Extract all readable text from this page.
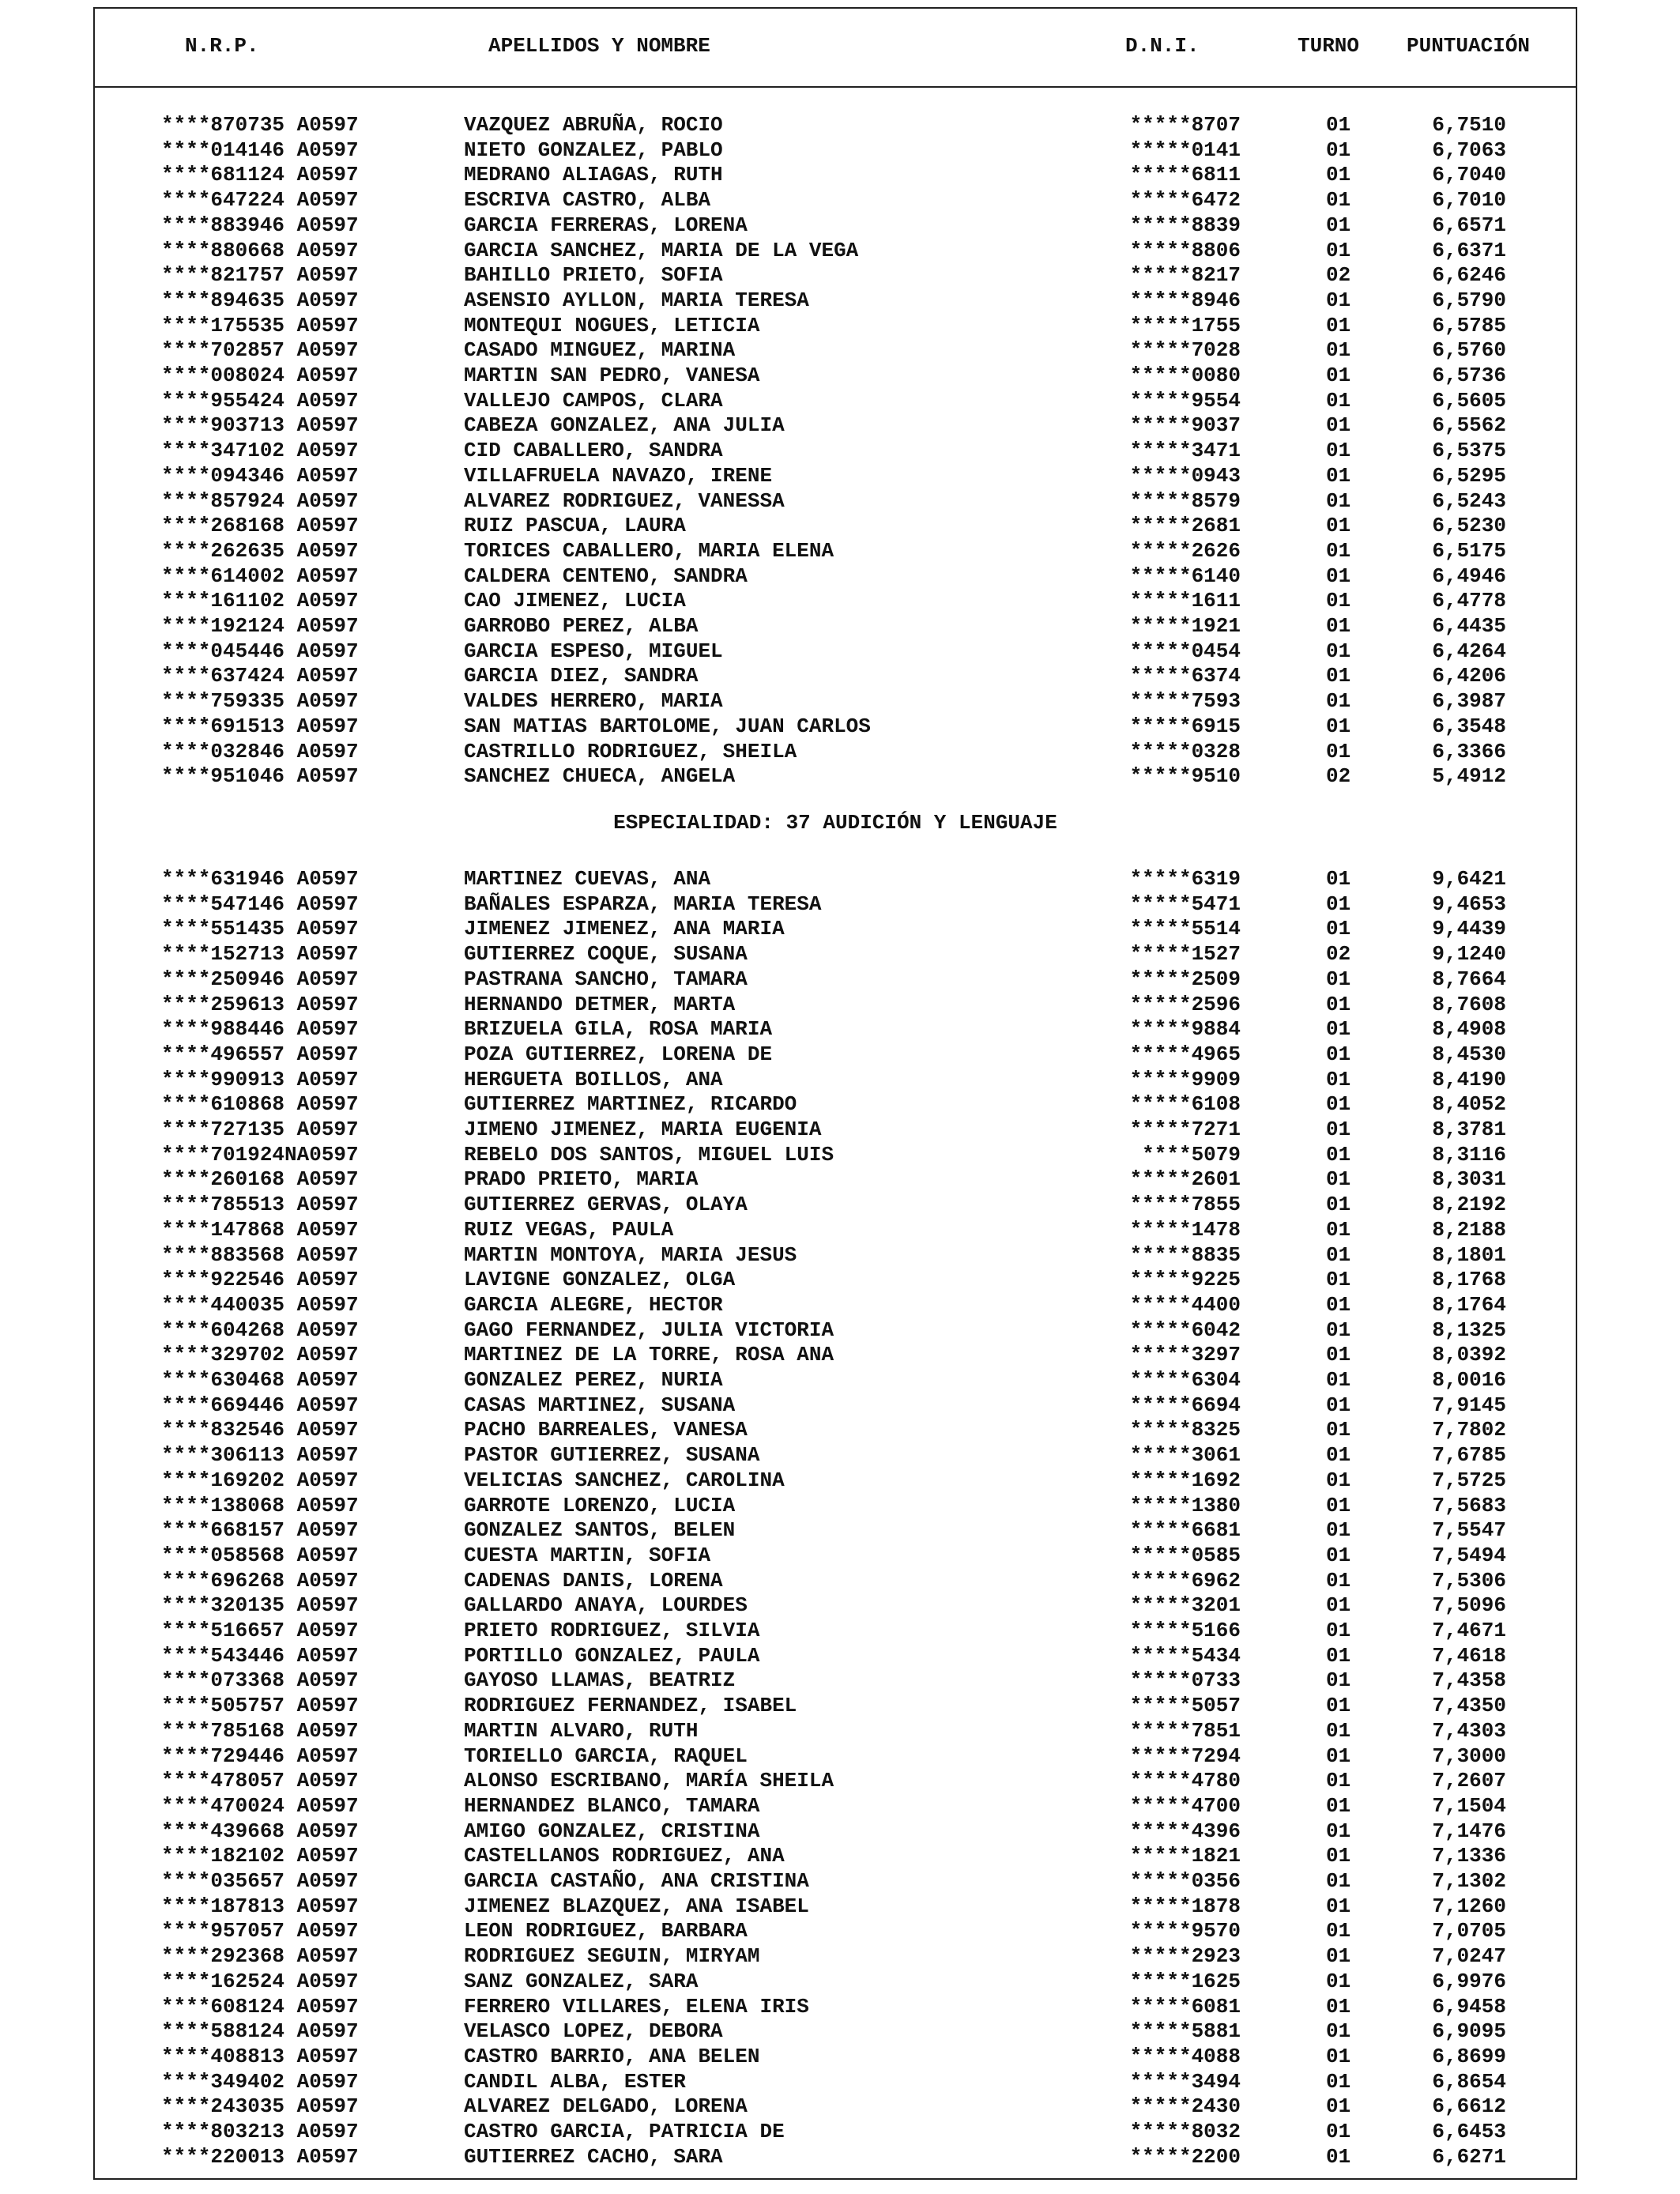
N.R.P.	APELLIDOS Y NOMBRE	D.N.I.	TURNO PUNTUACIÓN
****870735 A0597	VAZQUEZ ABRUÑA, ROCIO	*****8707	01	6,7510
****014146 A0597	NIETO GONZALEZ, PABLO	*****0141	01	6,7063
****681124 A0597	MEDRANO ALIAGAS, RUTH	*****6811	01	6,7040
****647224 A0597	ESCRIVA CASTRO, ALBA	*****6472	01	6,7010
****883946 A0597	GARCIA FERRERAS, LORENA	*****8839	01	6,6571
****880668 A0597	GARCIA SANCHEZ, MARIA DE LA VEGA	*****8806	01	6,6371
****821757 A0597	BAHILLO PRIETO, SOFIA	*****8217	02	6,6246
****894635 A0597	ASENSIO AYLLON, MARIA TERESA	*****8946	01	6,5790
****175535 A0597	MONTEQUI NOGUES, LETICIA	*****1755	01	6,5785
****702857 A0597	CASADO MINGUEZ, MARINA	*****7028	01	6,5760
****008024 A0597	MARTIN SAN PEDRO, VANESA	*****0080	01	6,5736
****955424 A0597	VALLEJO CAMPOS, CLARA	*****9554	01	6,5605
****903713 A0597	CABEZA GONZALEZ, ANA JULIA	*****9037	01	6,5562
****347102 A0597	CID CABALLERO, SANDRA	*****3471	01	6,5375
****094346 A0597	VILLAFRUELA NAVAZO, IRENE	*****0943	01	6,5295
****857924 A0597	ALVAREZ RODRIGUEZ, VANESSA	*****8579	01	6,5243
****268168 A0597	RUIZ PASCUA, LAURA	*****2681	01	6,5230
****262635 A0597	TORICES CABALLERO, MARIA ELENA	*****2626	01	6,5175
****614002 A0597	CALDERA CENTENO, SANDRA	*****6140	01	6,4946
****161102 A0597	CAO JIMENEZ, LUCIA	*****1611	01	6,4778
****192124 A0597	GARROBO PEREZ, ALBA	*****1921	01	6,4435
****045446 A0597	GARCIA ESPESO, MIGUEL	*****0454	01	6,4264
****637424 A0597	GARCIA DIEZ, SANDRA	*****6374	01	6,4206
****759335 A0597	VALDES HERRERO, MARIA	*****7593	01	6,3987
****691513 A0597	SAN MATIAS BARTOLOME, JUAN CARLOS	*****6915	01	6,3548
****032846 A0597	CASTRILLO RODRIGUEZ, SHEILA	*****0328	01	6,3366
****951046 A0597	SANCHEZ CHUECA, ANGELA	*****9510	02	5,4912
ESPECIALIDAD: 37 AUDICIÓN Y LENGUAJE
****631946 A0597	MARTINEZ CUEVAS, ANA	*****6319	01	9,6421
****547146 A0597	BAÑALES ESPARZA, MARIA TERESA	*****5471	01	9,4653
****551435 A0597	JIMENEZ JIMENEZ, ANA MARIA	*****5514	01	9,4439
****152713 A0597	GUTIERREZ COQUE, SUSANA	*****1527	02	9,1240
****250946 A0597	PASTRANA SANCHO, TAMARA	*****2509	01	8,7664
****259613 A0597	HERNANDO DETMER, MARTA	*****2596	01	8,7608
****988446 A0597	BRIZUELA GILA, ROSA MARIA	*****9884	01	8,4908
****496557 A0597	POZA GUTIERREZ, LORENA DE	*****4965	01	8,4530
****990913 A0597	HERGUETA BOILLOS, ANA	*****9909	01	8,4190
****610868 A0597	GUTIERREZ MARTINEZ, RICARDO	*****6108	01	8,4052
****727135 A0597	JIMENO JIMENEZ, MARIA EUGENIA	*****7271	01	8,3781
****701924NA0597	REBELO DOS SANTOS, MIGUEL LUIS	****5079	01	8,3116
****260168 A0597	PRADO PRIETO, MARIA	*****2601	01	8,3031
****785513 A0597	GUTIERREZ GERVAS, OLAYA	*****7855	01	8,2192
****147868 A0597	RUIZ VEGAS, PAULA	*****1478	01	8,2188
****883568 A0597	MARTIN MONTOYA, MARIA JESUS	*****8835	01	8,1801
****922546 A0597	LAVIGNE GONZALEZ, OLGA	*****9225	01	8,1768
****440035 A0597	GARCIA ALEGRE, HECTOR	*****4400	01	8,1764
****604268 A0597	GAGO FERNANDEZ, JULIA VICTORIA	*****6042	01	8,1325
****329702 A0597	MARTINEZ DE LA TORRE, ROSA ANA	*****3297	01	8,0392
****630468 A0597	GONZALEZ PEREZ, NURIA	*****6304	01	8,0016
****669446 A0597	CASAS MARTINEZ, SUSANA	*****6694	01	7,9145
****832546 A0597	PACHO BARREALES, VANESA	*****8325	01	7,7802
****306113 A0597	PASTOR GUTIERREZ, SUSANA	*****3061	01	7,6785
****169202 A0597	VELICIAS SANCHEZ, CAROLINA	*****1692	01	7,5725
****138068 A0597	GARROTE LORENZO, LUCIA	*****1380	01	7,5683
****668157 A0597	GONZALEZ SANTOS, BELEN	*****6681	01	7,5547
****058568 A0597	CUESTA MARTIN, SOFIA	*****0585	01	7,5494
****696268 A0597	CADENAS DANIS, LORENA	*****6962	01	7,5306
****320135 A0597	GALLARDO ANAYA, LOURDES	*****3201	01	7,5096
****516657 A0597	PRIETO RODRIGUEZ, SILVIA	*****5166	01	7,4671
****543446 A0597	PORTILLO GONZALEZ, PAULA	*****5434	01	7,4618
****073368 A0597	GAYOSO LLAMAS, BEATRIZ	*****0733	01	7,4358
****505757 A0597	RODRIGUEZ FERNANDEZ, ISABEL	*****5057	01	7,4350
****785168 A0597	MARTIN ALVARO, RUTH	*****7851	01	7,4303
****729446 A0597	TORIELLO GARCIA, RAQUEL	*****7294	01	7,3000
****478057 A0597	ALONSO ESCRIBANO, MARÍA SHEILA	*****4780	01	7,2607
****470024 A0597	HERNANDEZ BLANCO, TAMARA	*****4700	01	7,1504
****439668 A0597	AMIGO GONZALEZ, CRISTINA	*****4396	01	7,1476
****182102 A0597	CASTELLANOS RODRIGUEZ, ANA	*****1821	01	7,1336
****035657 A0597	GARCIA CASTAÑO, ANA CRISTINA	*****0356	01	7,1302
****187813 A0597	JIMENEZ BLAZQUEZ, ANA ISABEL	*****1878	01	7,1260
****957057 A0597	LEON RODRIGUEZ, BARBARA	*****9570	01	7,0705
****292368 A0597	RODRIGUEZ SEGUIN, MIRYAM	*****2923	01	7,0247
****162524 A0597	SANZ GONZALEZ, SARA	*****1625	01	6,9976
****608124 A0597	FERRERO VILLARES, ELENA IRIS	*****6081	01	6,9458
****588124 A0597	VELASCO LOPEZ, DEBORA	*****5881	01	6,9095
****408813 A0597	CASTRO BARRIO, ANA BELEN	*****4088	01	6,8699
****349402 A0597	CANDIL ALBA, ESTER	*****3494	01	6,8654
****243035 A0597	ALVAREZ DELGADO, LORENA	*****2430	01	6,6612
****803213 A0597	CASTRO GARCIA, PATRICIA DE	*****8032	01	6,6453
****220013 A0597	GUTIERREZ CACHO, SARA	*****2200	01	6,6271
